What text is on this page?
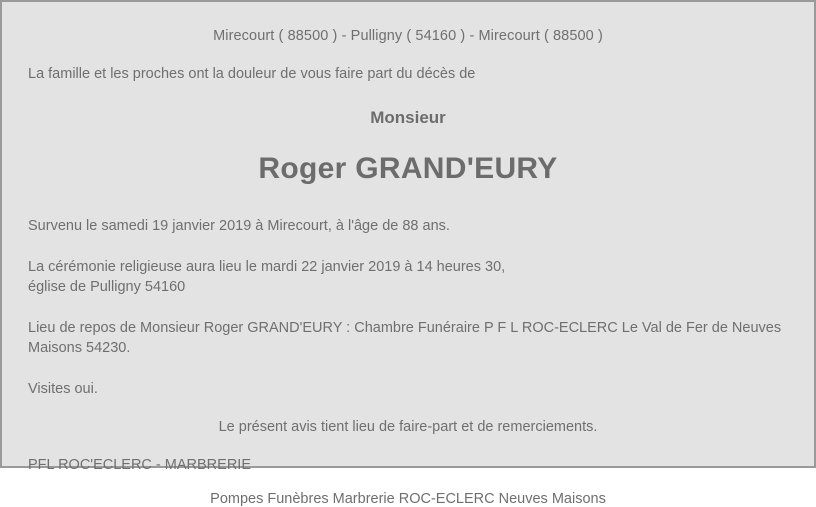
Mirecourt ( 88500 ) - Pulligny ( 54160 ) - Mirecourt ( 88500 )
La famille et les proches ont la douleur de vous faire part du décès de
Monsieur
Roger GRAND'EURY
Survenu le samedi 19 janvier 2019 à Mirecourt, à l'âge de 88 ans.
La cérémonie religieuse aura lieu le mardi 22 janvier 2019 à 14 heures 30,
église de Pulligny 54160
Lieu de repos de Monsieur Roger GRAND'EURY : Chambre Funéraire P F L ROC-ECLERC Le Val de Fer de Neuves Maisons 54230.
Visites oui.
Le présent avis tient lieu de faire-part et de remerciements.
PFL ROC'ECLERC - MARBRERIE
Pompes Funèbres Marbrerie ROC-ECLERC Neuves Maisons
